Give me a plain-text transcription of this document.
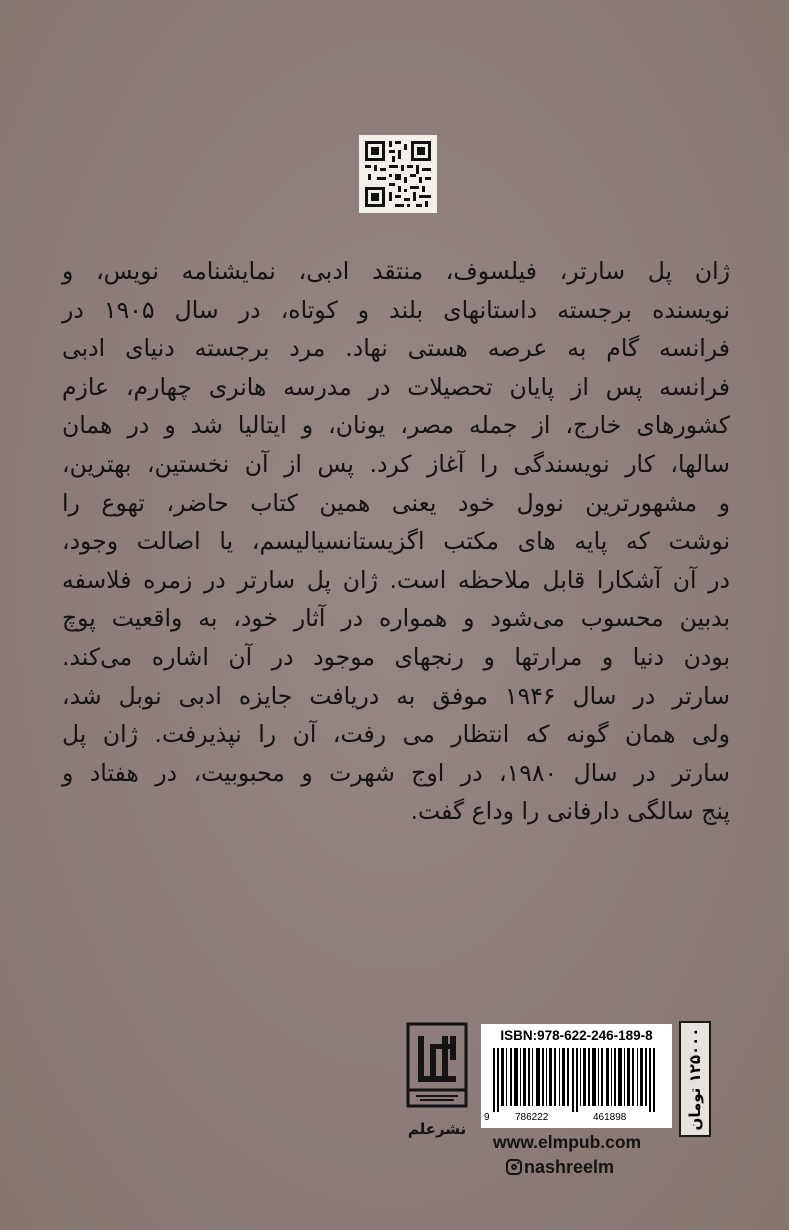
ژان پل سارتر، فیلسوف، منتقد ادبی، نمایشنامه نویس، و
نویسنده برجسته داستانهای بلند و کوتاه، در سال ۱۹۰۵ در
فرانسه گام به عرصه هستی نهاد. مرد برجسته دنیای ادبی
فرانسه پس از پایان تحصیلات در مدرسه هانری چهارم، عازم
کشورهای خارج، از جمله مصر، یونان، و ایتالیا شد و در همان
سالها، کار نویسندگی را آغاز کرد. پس از آن نخستین، بهترین،
و مشهورترین نوول خود یعنی همین کتاب حاضر، تهوع را
نوشت که پایه های مکتب اگزیستانسیالیسم، یا اصالت وجود،
در آن آشکارا قابل ملاحظه است. ژان پل سارتر در زمره فلاسفه
بدبین محسوب می‌شود و همواره در آثار خود، به واقعیت پوچ
بودن دنیا و مرارتها و رنجهای موجود در آن اشاره می‌کند.
سارتر در سال ۱۹۴۶ موفق به دریافت جایزه ادبی نوبل شد،
ولی همان گونه که انتظار می رفت، آن را نپذیرفت. ژان پل
سارتر در سال ۱۹۸۰، در اوج شهرت و محبوبیت، در هفتاد و
پنج سالگی دارفانی را وداع گفت.
نشرعلم
ISBN:978-622-246-189-8
9	786222	461898	۱۲۵۰۰۰ تومان
www.elmpub.com
nashreelm
